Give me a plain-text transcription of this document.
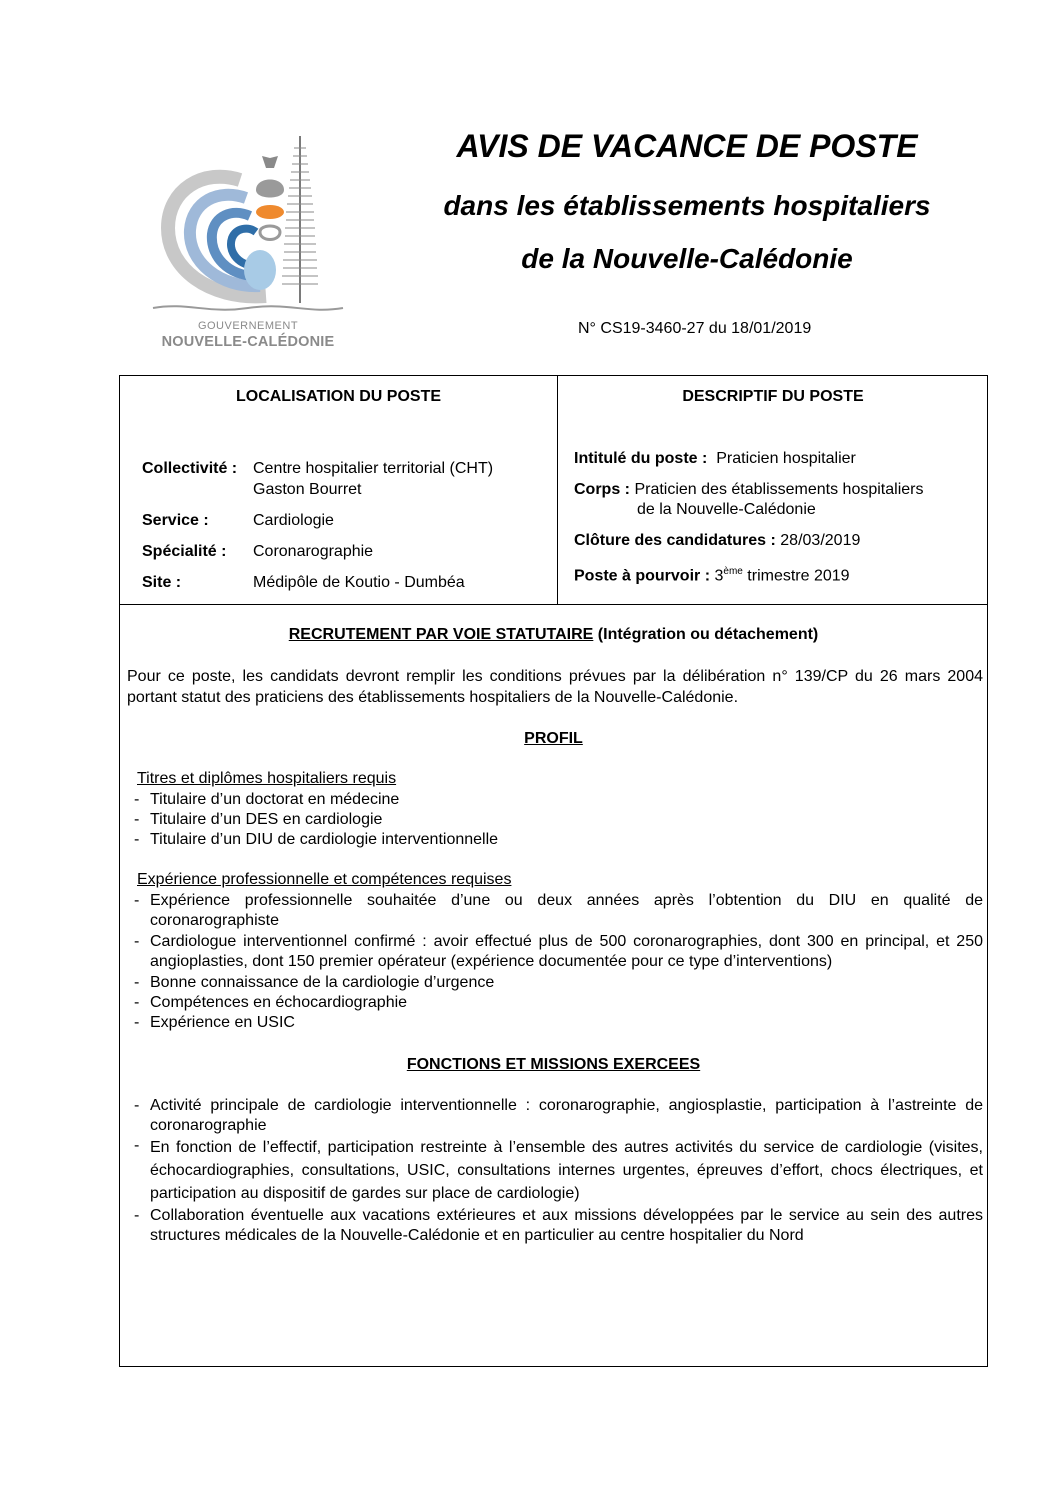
GOUVERNEMENT
NOUVELLE-CALÉDONIE
AVIS DE VACANCE DE POSTE
dans les établissements hospitaliers
de la Nouvelle-Calédonie
N° CS19-3460-27 du 18/01/2019
LOCALISATION DU POSTE
Collectivité : Centre hospitalier territorial (CHT)
Gaston Bourret
Service :	Cardiologie
Spécialité : Coronarographie
Site :	Médipôle de Koutio - Dumbéa
DESCRIPTIF DU POSTE
Intitulé du poste : Praticien hospitalier
Corps : Praticien des établissements hospitaliers
de la Nouvelle-Calédonie
Clôture des candidatures : 28/03/2019
Poste à pourvoir : 3ème trimestre 2019
RECRUTEMENT PAR VOIE STATUTAIRE (Intégration ou détachement)
Pour ce poste, les candidats devront remplir les conditions prévues par la délibération n° 139/CP du 26 mars 2004 portant statut des praticiens des établissements hospitaliers de la Nouvelle-Calédonie.
PROFIL
Titres et diplômes hospitaliers requis
- Titulaire d’un doctorat en médecine
- Titulaire d’un DES en cardiologie
- Titulaire d’un DIU de cardiologie interventionnelle
Expérience professionnelle et compétences requises
- Expérience professionnelle souhaitée d’une ou deux années après l’obtention du DIU en qualité de coronarographiste
- Cardiologue interventionnel confirmé : avoir effectué plus de 500 coronarographies, dont 300 en principal, et 250 angioplasties, dont 150 premier opérateur (expérience documentée pour ce type d’interventions)
- Bonne connaissance de la cardiologie d’urgence
- Compétences en échocardiographie
- Expérience en USIC
FONCTIONS ET MISSIONS EXERCEES
- Activité principale de cardiologie interventionnelle : coronarographie, angiosplastie, participation à l’astreinte de coronarographie
- En fonction de l’effectif, participation restreinte à l’ensemble des autres activités du service de cardiologie (visites, échocardiographies, consultations, USIC, consultations internes urgentes, épreuves d’effort, chocs électriques, et participation au dispositif de gardes sur place de cardiologie)
- Collaboration éventuelle aux vacations extérieures et aux missions développées par le service au sein des autres structures médicales de la Nouvelle-Calédonie et en particulier au centre hospitalier du Nord
